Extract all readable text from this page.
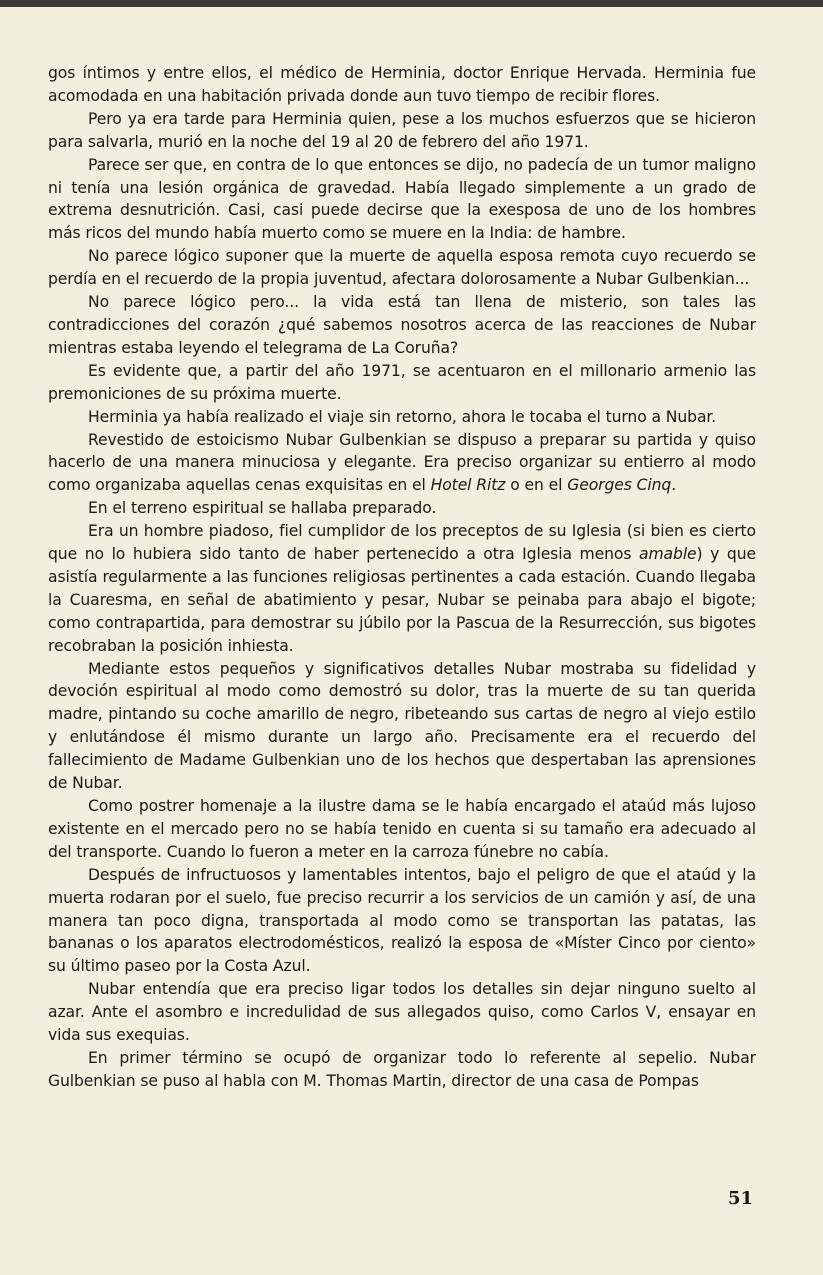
gos íntimos y entre ellos, el médico de Herminia, doctor Enrique Hervada. Herminia fue acomodada en una habitación privada donde aun tuvo tiempo de recibir flores.

Pero ya era tarde para Herminia quien, pese a los muchos esfuerzos que se hicieron para salvarla, murió en la noche del 19 al 20 de febrero del año 1971.

Parece ser que, en contra de lo que entonces se dijo, no padecía de un tumor maligno ni tenía una lesión orgánica de gravedad. Había llegado simplemente a un grado de extrema desnutrición. Casi, casi puede decirse que la exesposa de uno de los hombres más ricos del mundo había muerto como se muere en la India: de hambre.

No parece lógico suponer que la muerte de aquella esposa remota cuyo recuerdo se perdía en el recuerdo de la propia juventud, afectara dolorosamente a Nubar Gulbenkian...

No parece lógico pero... la vida está tan llena de misterio, son tales las contradicciones del corazón ¿qué sabemos nosotros acerca de las reacciones de Nubar mientras estaba leyendo el telegrama de La Coruña?

Es evidente que, a partir del año 1971, se acentuaron en el millonario armenio las premoniciones de su próxima muerte.

Herminia ya había realizado el viaje sin retorno, ahora le tocaba el turno a Nubar.

Revestido de estoicismo Nubar Gulbenkian se dispuso a preparar su partida y quiso hacerlo de una manera minuciosa y elegante. Era preciso organizar su entierro al modo como organizaba aquellas cenas exquisitas en el Hotel Ritz o en el Georges Cinq.

En el terreno espiritual se hallaba preparado.

Era un hombre piadoso, fiel cumplidor de los preceptos de su Iglesia (si bien es cierto que no lo hubiera sido tanto de haber pertenecido a otra Iglesia menos amable) y que asistía regularmente a las funciones religiosas pertinentes a cada estación. Cuando llegaba la Cuaresma, en señal de abatimiento y pesar, Nubar se peinaba para abajo el bigote; como contrapartida, para demostrar su júbilo por la Pascua de la Resurrección, sus bigotes recobraban la posición inhiesta.

Mediante estos pequeños y significativos detalles Nubar mostraba su fidelidad y devoción espiritual al modo como demostró su dolor, tras la muerte de su tan querida madre, pintando su coche amarillo de negro, ribeteando sus cartas de negro al viejo estilo y enlutándose él mismo durante un largo año. Precisamente era el recuerdo del fallecimiento de Madame Gulbenkian uno de los hechos que despertaban las aprensiones de Nubar.

Como postrer homenaje a la ilustre dama se le había encargado el ataúd más lujoso existente en el mercado pero no se había tenido en cuenta si su tamaño era adecuado al del transporte. Cuando lo fueron a meter en la carroza fúnebre no cabía.

Después de infructuosos y lamentables intentos, bajo el peligro de que el ataúd y la muerta rodaran por el suelo, fue preciso recurrir a los servicios de un camión y así, de una manera tan poco digna, transportada al modo como se transportan las patatas, las bananas o los aparatos electrodomésticos, realizó la esposa de «Míster Cinco por ciento» su último paseo por la Costa Azul.

Nubar entendía que era preciso ligar todos los detalles sin dejar ninguno suelto al azar. Ante el asombro e incredulidad de sus allegados quiso, como Carlos V, ensayar en vida sus exequias.

En primer término se ocupó de organizar todo lo referente al sepelio. Nubar Gulbenkian se puso al habla con M. Thomas Martin, director de una casa de Pompas

51
